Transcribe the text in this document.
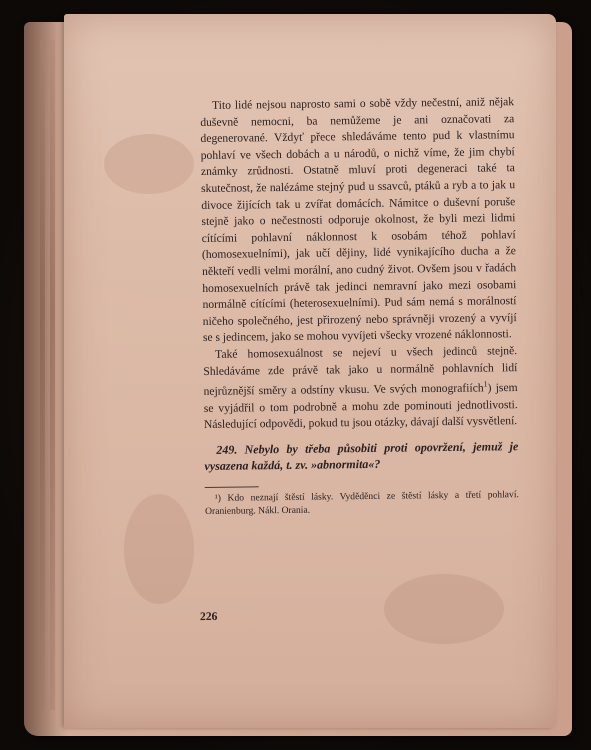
Tito lidé nejsou naprosto sami o sobě vždy nečestní, aniž nějak duševně nemocni, ba nemůžeme je ani označovati za degenerované. Vždyť přece shledáváme tento pud k vlastnímu pohlaví ve všech dobách a u národů, o nichž víme, že jim chybí známky zrůdnosti. Ostatně mluví proti degeneraci také ta skutečnost, že nalézáme stejný pud u ssavců, ptáků a ryb a to jak u divoce žijících tak u zvířat domácích. Námitce o duševní poruše stejně jako o nečestnosti odporuje okolnost, že byli mezi lidmi cítícími pohlavní náklonnost k osobám téhož pohlaví (homosexuelními), jak učí dějiny, lidé vynikajícího ducha a že někteří vedli velmi morální, ano cudný život. Ovšem jsou v řadách homosexuelních právě tak jedinci nemravní jako mezi osobami normálně cítícími (heterosexuelními). Pud sám nemá s morálností ničeho společného, jest přirozený nebo správněji vrozený a vyvíjí se s jedincem, jako se mohou vyvíjeti všecky vrozené náklonnosti.

Také homosexuálnost se nejeví u všech jedinců stejně. Shledáváme zde právě tak jako u normálně pohlavních lidí nejrůznější směry a odstíny vkusu. Ve svých monografiích$^1$) jsem se vyjádřil o tom podrobně a mohu zde pominouti jednotlivosti. Následující odpovědi, pokud tu jsou otázky, dávají další vysvětlení.

249. Nebylo by třeba působiti proti opovržení, jemuž je vysazena každá, t. zv. »abnormita«?

¹) Kdo neznají štěstí lásky. Vyděděnci ze štěstí lásky a třetí pohlaví. Oranienburg. Nákl. Orania.

226
